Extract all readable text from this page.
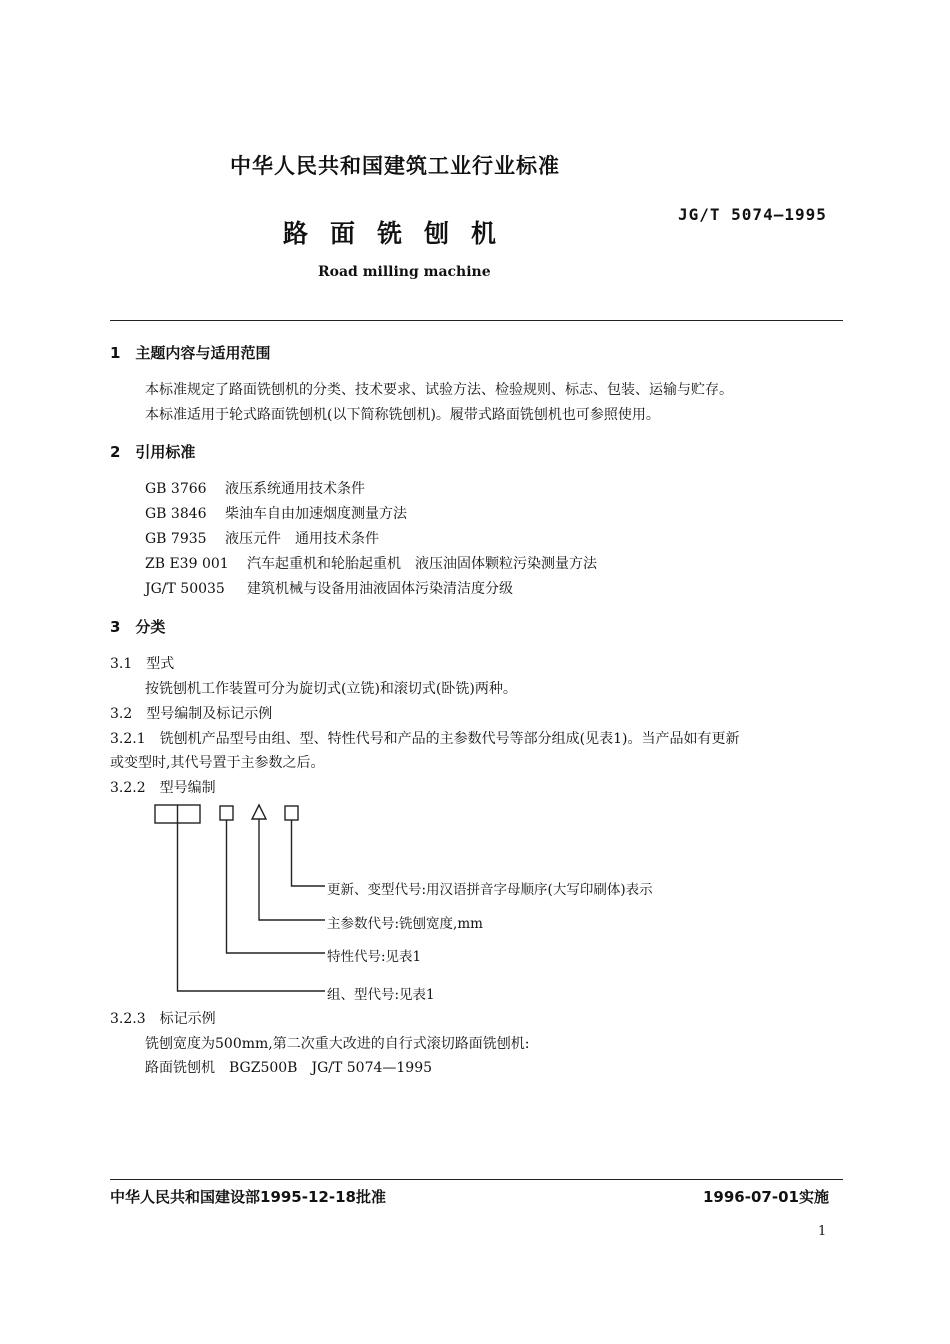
中华人民共和国建筑工业行业标准
JG/T 5074—1995
路面铣刨机
Road milling machine
1　主题内容与适用范围
本标准规定了路面铣刨机的分类、技术要求、试验方法、检验规则、标志、包装、运输与贮存。
本标准适用于轮式路面铣刨机(以下简称铣刨机)。履带式路面铣刨机也可参照使用。
2　引用标准
GB 3766 液压系统通用技术条件
GB 3846 柴油车自由加速烟度测量方法
GB 7935 液压元件　通用技术条件
ZB E39 001 汽车起重机和轮胎起重机　液压油固体颗粒污染测量方法
JG/T 50035 建筑机械与设备用油液固体污染清洁度分级
3　分类
3.1　型式
按铣刨机工作装置可分为旋切式(立铣)和滚切式(卧铣)两种。
3.2　型号编制及标记示例
3.2.1　铣刨机产品型号由组、型、特性代号和产品的主参数代号等部分组成(见表1)。当产品如有更新
或变型时,其代号置于主参数之后。
3.2.2　型号编制
更新、变型代号:用汉语拼音字母顺序(大写印刷体)表示
主参数代号:铣刨宽度,mm
特性代号:见表1
组、型代号:见表1
3.2.3　标记示例
铣刨宽度为500mm,第二次重大改进的自行式滚切路面铣刨机:
路面铣刨机　BGZ500B　JG/T 5074—1995
中华人民共和国建设部1995-12-18批准	1996-07-01实施
1
